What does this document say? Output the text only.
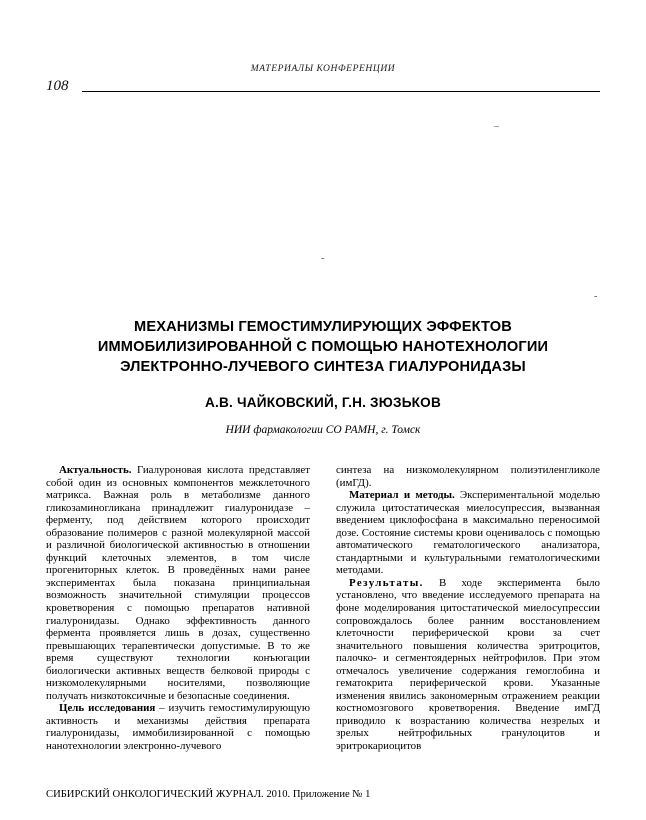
108
МАТЕРИАЛЫ КОНФЕРЕНЦИИ
–
-
-
МЕХАНИЗМЫ ГЕМОСТИМУЛИРУЮЩИХ ЭФФЕКТОВ ИММОБИЛИЗИРОВАННОЙ С ПОМОЩЬЮ НАНОТЕХНОЛОГИИ ЭЛЕКТРОННО-ЛУЧЕВОГО СИНТЕЗА ГИАЛУРОНИДАЗЫ
А.В. ЧАЙКОВСКИЙ, Г.Н. ЗЮЗЬКОВ
НИИ фармакологии СО РАМН, г. Томск

Актуальность. Гиалуроновая кислота представляет собой один из основных компонентов межклеточного матрикса. Важная роль в метаболизме данного гликозаминогликана принадлежит гиалуронидазе – ферменту, под действием которого происходит образование полимеров с разной молекулярной массой и различной биологической активностью в отношении функций клеточных элементов, в том числе прогениторных клеток. В проведённых нами ранее экспериментах была показана принципиальная возможность значительной стимуляции процессов кроветворения с помощью препаратов нативной гиалуронидазы. Однако эффективность данного фермента проявляется лишь в дозах, существенно превышающих терапевтически допустимые. В то же время существуют технологии конъюгации биологически активных веществ белковой природы с низкомолекулярными носителями, позволяющие получать низкотоксичные и безопасные соединения.

Цель исследования – изучить гемостимулирующую активность и механизмы действия препарата гиалуронидазы, иммобилизированной с помощью нанотехнологии электронно-лучевого

синтеза на низкомолекулярном полиэтиленгликоле (имГД).

Материал и методы. Экспериментальной моделью служила цитостатическая миелосупрессия, вызванная введением циклофосфана в максимально переносимой дозе. Состояние системы крови оценивалось с помощью автоматического гематологического анализатора, стандартными и культуральными гематологическими методами.

Результаты. В ходе эксперимента было установлено, что введение исследуемого препарата на фоне моделирования цитостатической миелосупрессии сопровождалось более ранним восстановлением клеточности периферической крови за счет значительного повышения количества эритроцитов, палочко- и сегментоядерных нейтрофилов. При этом отмечалось увеличение содержания гемоглобина и гематокрита периферической крови. Указанные изменения явились закономерным отражением реакции костномозгового кроветворения. Введение имГД приводило к возрастанию количества незрелых и зрелых нейтрофильных гранулоцитов и эритрокариоцитов

СИБИРСКИЙ ОНКОЛОГИЧЕСКИЙ ЖУРНАЛ. 2010. Приложение № 1
